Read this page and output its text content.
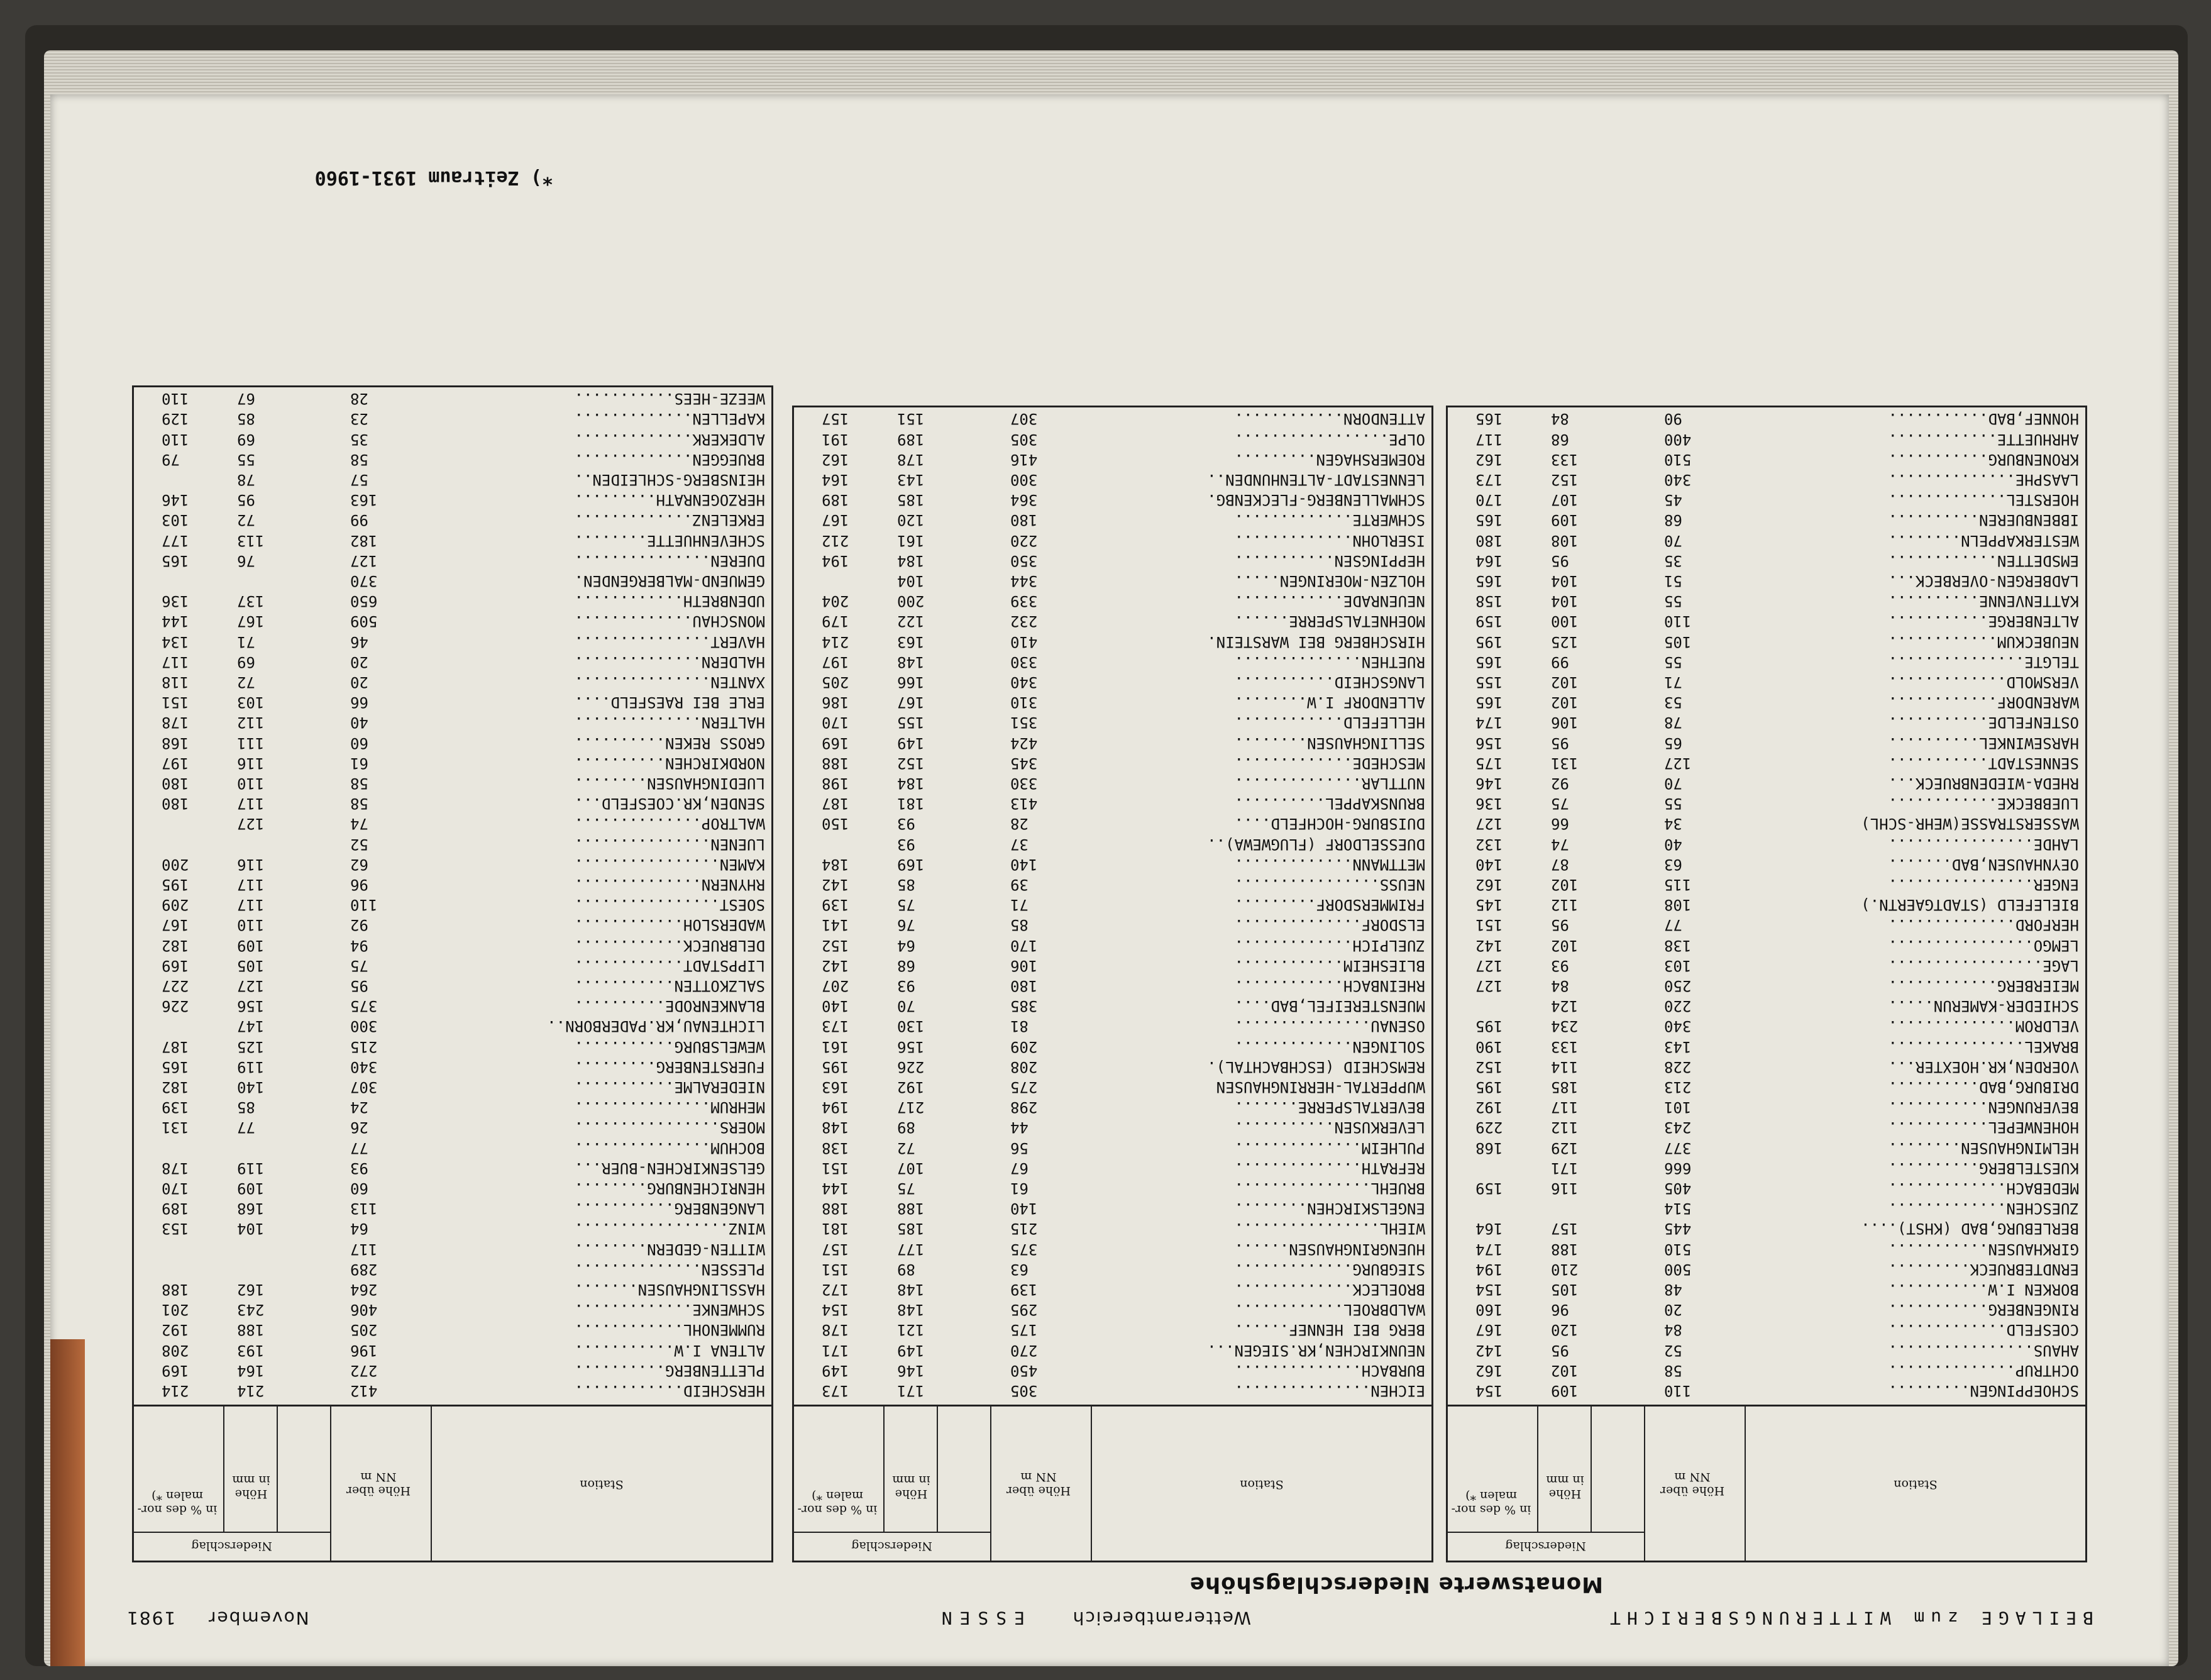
BEILAGE zum WITTERUNGSBERICHT
Wetteramtbereich
ESSEN
November
1981
Monatswerte Niederschlagshöhe
Station
Höhe über NN m
Niederschlag
Höhe in mm
in % des nor- malen *)
SCHOEPPINGEN.........
110
109
154
OCHTRUP..............
58
102
162
AHAUS................
52
95
142
COESFELD.............
84
120
167
RINGENBERG...........
20
96
160
BORKEN I.W...........
48
105
154
ERNDTEBRUECK.........
500
210
194
GIRKHAUSEN...........
510
188
174
BERLEBURG,BAD (KHST)....
445
157
164
ZUESCHEN.............
514
MEDEBACH.............
405
116
159
KUESTELBERG..........
666
171
HELMINGHAUSEN........
377
129
168
HOHENWEPEL...........
243
112
229
BEVERUNGEN...........
101
117
192
DRIBURG,BAD..........
213
185
195
VOERDEN,KR.HOEXTER...
228
114
152
BRAKEL...............
143
133
190
VELDROM..............
340
234
195
SCHIEDER-KAMERUN.....
220
124
MEIERBERG............
250
84
127
LAGE.................
103
93
127
LEMGO................
138
102
142
HERFORD..............
77
95
151
BIELEFELD (STADTGAERTN.)
108
112
145
ENGER................
115
102
162
OEYNHAUSEN,BAD.......
63
87
140
LAHDE................
40
74
132
WASSERSTRASSE(WEHR-SCHL)
34
66
127
LUEBBECKE............
55
75
136
RHEDA-WIEDENBRUECK...
70
92
146
SENNESTADT...........
127
131
175
HARSEWINKEL..........
65
95
156
OSTENFELDE...........
78
106
174
WARENDORF............
53
102
165
VERSMOLD.............
71
102
155
TELGTE...............
55
99
165
NEUBECKUM............
105
125
195
ALTENBERGE...........
110
100
159
KATTENVENNE..........
55
104
158
LADBERGEN-OVERBECK...
51
104
165
EMSDETTEN............
35
95
164
WESTERKAPPELN........
70
108
180
IBBENBUEREN..........
68
109
165
HOERSTEL.............
45
107
170
LAASPHE..............
340
152
173
KRONENBURG...........
510
133
162
AHRHUETTE............
400
68
117
HONNEF,BAD...........
90
84
165
Station
Höhe über NN m
Niederschlag
Höhe in mm
in % des nor- malen *)
EICHEN...............
305
171
173
BURBACH..............
450
146
149
NEUNKIRCHEN,KR.SIEGEN...
270
149
171
BERG BEI HENNEF......
175
121
178
WALDBROEL............
295
148
154
BROELECK.............
139
148
172
SIEGBURG.............
63
89
151
HUENGRINGHAUSEN......
375
177
157
WIEHL................
215
185
181
ENGELSKIRCHEN........
140
188
188
BRUEHL...............
61
75
144
REFRATH..............
67
107
151
PULHEIM..............
56
72
138
LEVERKUSEN...........
44
89
148
BEVERTALSPERRE.......
298
217
194
WUPPERTAL-HERRINGHAUSEN
275
192
163
REMSCHEID (ESCHBACHTAL).
208
226
195
SOLINGEN.............
209
156
161
OSENAU...............
81
130
173
MUENSTEREIFEL,BAD....
385
70
140
RHEINBACH............
180
93
207
BLIESHEIM............
106
68
142
ZUELPICH.............
170
64
152
ELSDORF..............
85
76
141
FRIMMERSDORF.........
71
75
139
NEUSS................
39
85
142
METTMANN.............
140
169
184
DUESSELDORF (FLUGWEWA)..
37
93
DUISBURG-HOCHFELD....
28
93
150
BRUNSKAPPEL..........
413
181
187
NUTTLAR..............
330
184
198
MESCHEDE.............
345
152
188
SELLINGHAUSEN........
424
149
169
HELLEFELD............
351
155
170
ALLENDORF I.W........
310
167
186
LANGSCHEID...........
340
166
205
RUETHEN..............
330
148
197
HIRSCHBERG BEI WARSTEIN.
410
163
214
MOEHNETALSPERRE......
232
122
179
NEUENRADE............
339
200
204
HOLZEN-MOERINGEN.....
344
104
HEPPINGSEN...........
350
184
194
ISERLOHN.............
220
161
212
SCHWERTE.............
180
120
167
SCHMALLENBERG-FLECKENBG.
364
185
189
LENNESTADT-ALTENHUNDEN..
300
143
164
ROEMERSHAGEN.........
416
178
162
OLPE.................
305
189
191
ATTENDORN............
307
151
157
Station
Höhe über NN m
Niederschlag
Höhe in mm
in % des nor- malen *)
HERSCHEID............
412
214
214
PLETTENBERG..........
272
164
169
ALTENA I.W...........
196
193
208
RUMMENOHL............
205
188
192
SCHWENKE.............
406
243
201
HASSLINGHAUSEN.......
264
162
188
PLESSEN..............
289
WITTEN-GEDERN........
117
WINZ.................
64
104
153
LANGENBERG...........
113
168
189
HENRICHENBURG........
60
109
170
GELSENKIRCHEN-BUER...
93
119
178
BOCHUM...............
77
MOERS................
26
77
131
MEHRUM...............
24
85
139
NIEDERALME...........
307
140
182
FUERSTENBERG.........
340
119
165
WEWELSBURG...........
215
125
187
LICHTENAU,KR.PADERBORN..
300
147
BLANKENRODE..........
375
156
226
SALZKOTTEN...........
95
127
227
LIPPSTADT............
75
105
169
DELBRUECK............
94
109
182
WADERSLOH............
92
110
167
SOEST................
110
117
209
RHYNERN..............
96
117
195
KAMEN................
62
116
200
LUENEN...............
52
WALTROP..............
74
127
SENDEN,KR.COESFELD...
58
117
180
LUEDINGHAUSEN........
58
110
180
NORDKIRCHEN..........
61
116
197
GROSS REKEN..........
60
111
168
HALTERN..............
40
112
178
ERLE BEI RAESFELD....
66
103
151
XANTEN...............
20
72
118
HALDERN..............
20
69
117
HAVERT...............
46
71
134
MONSCHAU.............
509
167
144
UDENBRETH............
650
137
136
GEMUEND-MALBERGENDEN.
370
DUEREN...............
127
76
165
SCHEVENHUETTE........
182
113
177
ERKELENZ.............
99
72
103
HERZOGENRATH.........
163
95
146
HEINSBERG-SCHLEIDEN..
57
78
BRUEGGEN.............
58
55
79
ALDEKERK.............
35
69
110
KAPELLEN.............
23
85
129
WEEZE-HEES...........
28
67
110
*) Zeitraum 1931-1960
